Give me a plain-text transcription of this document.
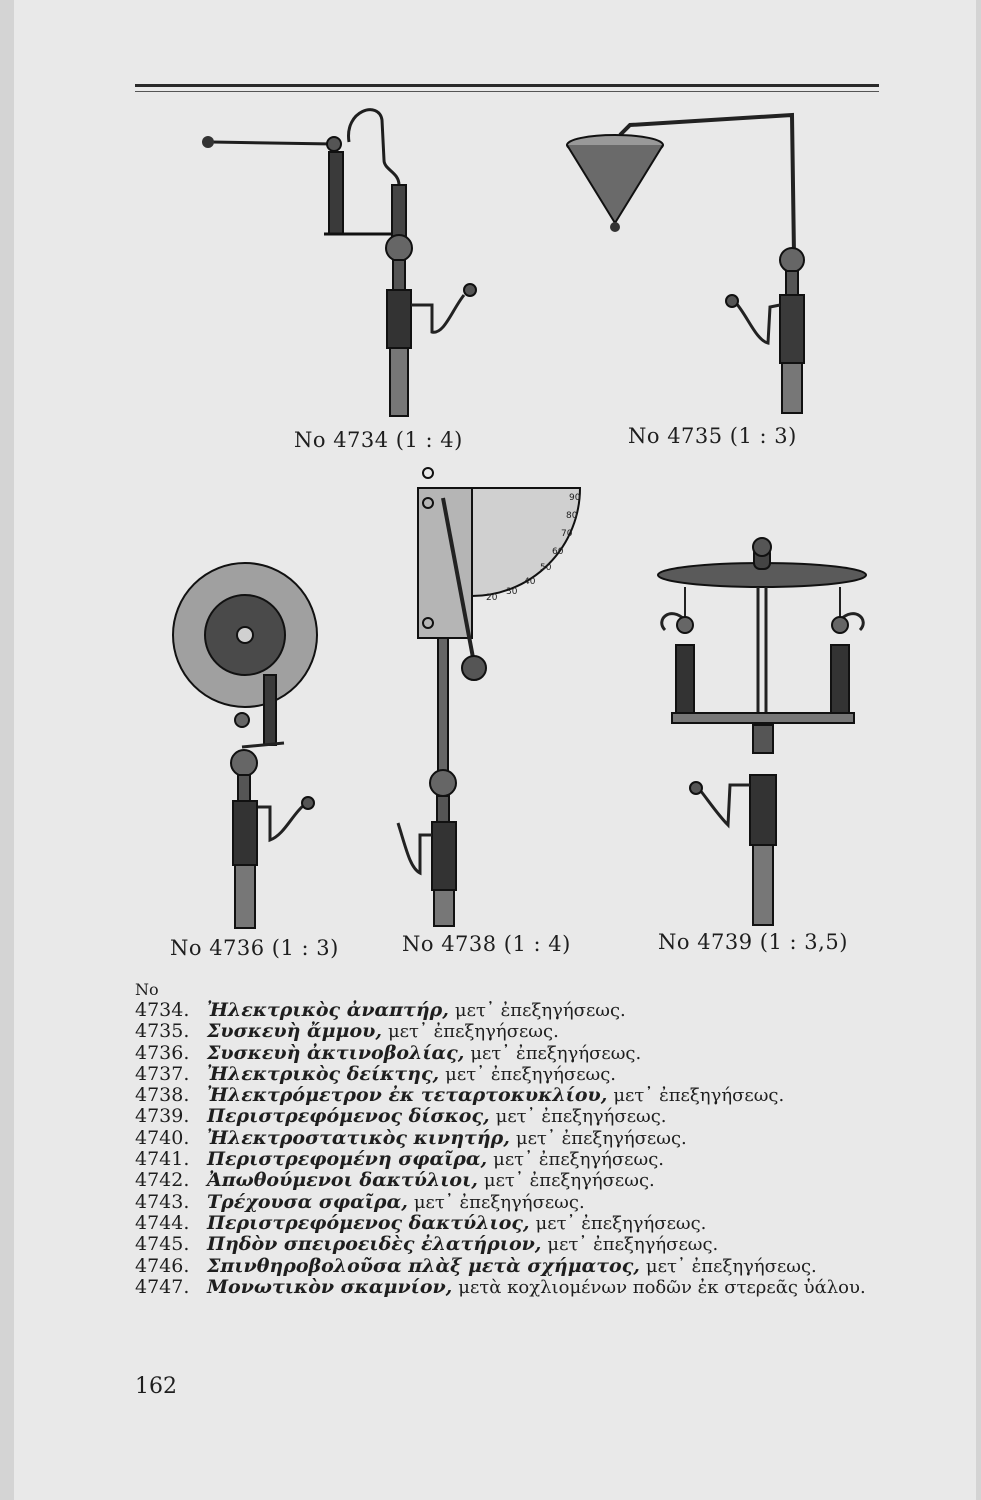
No 4734 (1 : 4)	No 4735 (1 : 3)
No 4736 (1 : 3)
20
30
40
50
60
70
80
90
No 4738 (1 : 4)	No 4739 (1 : 3,5)
No
4734. Ἠλεκτρικὸς ἀναπτήρ, μετ᾽ ἐπεξηγήσεως.
4735. Συσκευὴ ἄμμου, μετ᾽ ἐπεξηγήσεως.
4736. Συσκευὴ ἀκτινοβολίας, μετ᾽ ἐπεξηγήσεως.
4737. Ἠλεκτρικὸς δείκτης, μετ᾽ ἐπεξηγήσεως.
4738. Ἠλεκτρόμετρον ἐκ τεταρτοκυκλίου, μετ᾽ ἐπεξηγήσεως.
4739. Περιστρεφόμενος δίσκος, μετ᾽ ἐπεξηγήσεως.
4740. Ἠλεκτροστατικὸς κινητήρ, μετ᾽ ἐπεξηγήσεως.
4741. Περιστρεφομένη σφαῖρα, μετ᾽ ἐπεξηγήσεως.
4742. Ἀπωθούμενοι δακτύλιοι, μετ᾽ ἐπεξηγήσεως.
4743. Τρέχουσα σφαῖρα, μετ᾽ ἐπεξηγήσεως.
4744. Περιστρεφόμενος δακτύλιος, μετ᾽ ἐπεξηγήσεως.
4745. Πηδὸν σπειροειδὲς ἐλατήριον, μετ᾽ ἐπεξηγήσεως.
4746. Σπινθηροβολοῦσα πλὰξ μετὰ σχήματος, μετ᾽ ἐπεξηγήσεως.
4747. Μονωτικὸν σκαμνίον, μετὰ κοχλιομένων ποδῶν ἐκ στερεᾶς ὑάλου.
162
